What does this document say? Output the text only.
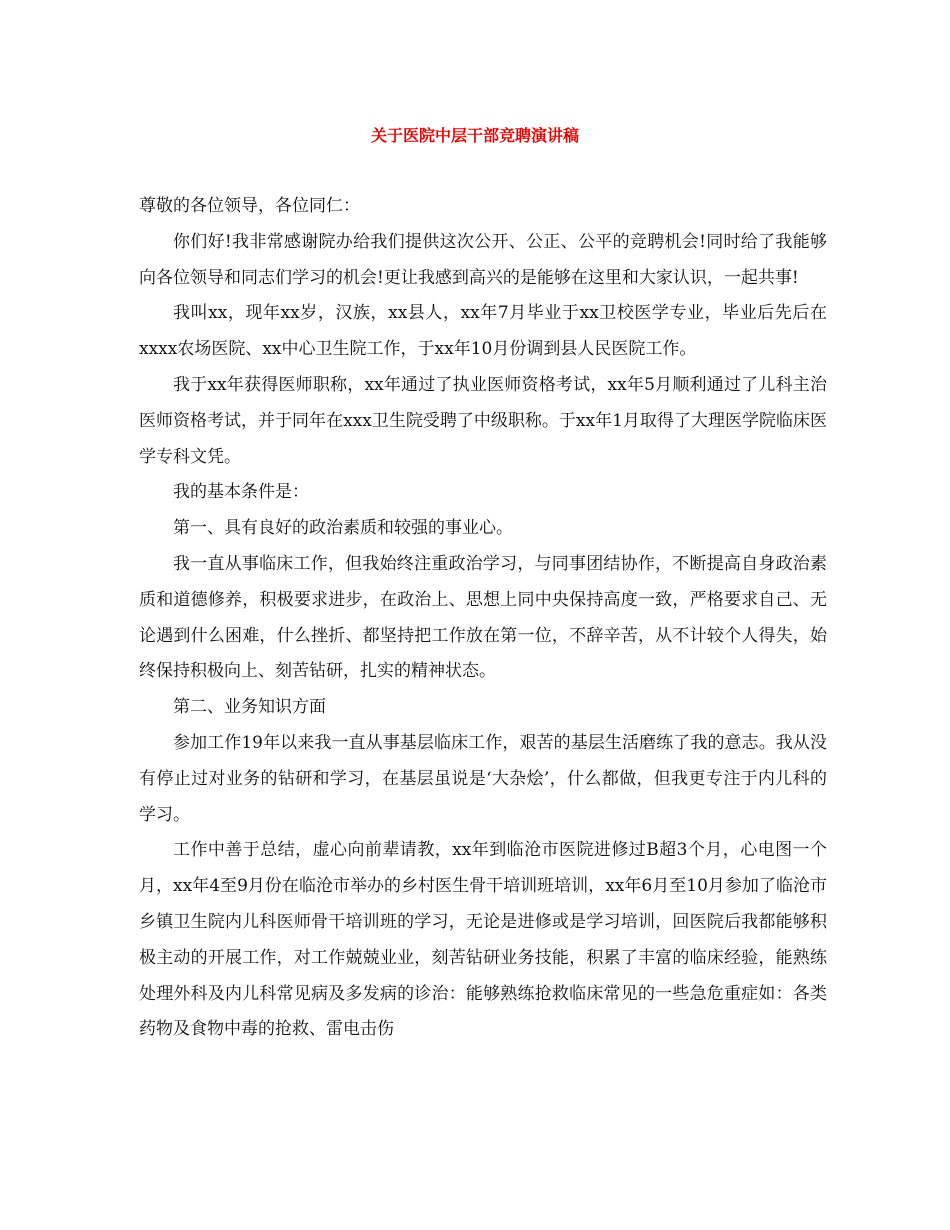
关于医院中层干部竞聘演讲稿

尊敬的各位领导，各位同仁：

你们好!我非常感谢院办给我们提供这次公开、公正、公平的竞聘机会!同时给了我能够向各位领导和同志们学习的机会!更让我感到高兴的是能够在这里和大家认识，一起共事!

我叫xx，现年xx岁，汉族，xx县人，xx年7月毕业于xx卫校医学专业，毕业后先后在xxxx农场医院、xx中心卫生院工作，于xx年10月份调到县人民医院工作。

我于xx年获得医师职称，xx年通过了执业医师资格考试，xx年5月顺利通过了儿科主治医师资格考试，并于同年在xxx卫生院受聘了中级职称。于xx年1月取得了大理医学院临床医学专科文凭。

我的基本条件是：

第一、具有良好的政治素质和较强的事业心。

我一直从事临床工作，但我始终注重政治学习，与同事团结协作，不断提高自身政治素质和道德修养，积极要求进步，在政治上、思想上同中央保持高度一致，严格要求自己、无论遇到什么困难，什么挫折、都坚持把工作放在第一位，不辞辛苦，从不计较个人得失，始终保持积极向上、刻苦钻研，扎实的精神状态。

第二、业务知识方面

参加工作19年以来我一直从事基层临床工作，艰苦的基层生活磨练了我的意志。我从没有停止过对业务的钻研和学习，在基层虽说是‘大杂烩’，什么都做，但我更专注于内儿科的学习。

工作中善于总结，虚心向前辈请教，xx年到临沧市医院进修过B超3个月，心电图一个月，xx年4至9月份在临沧市举办的乡村医生骨干培训班培训，xx年6月至10月参加了临沧市乡镇卫生院内儿科医师骨干培训班的学习，无论是进修或是学习培训，回医院后我都能够积极主动的开展工作，对工作兢兢业业，刻苦钻研业务技能，积累了丰富的临床经验，能熟练处理外科及内儿科常见病及多发病的诊治：能够熟练抢救临床常见的一些急危重症如：各类药物及食物中毒的抢救、雷电击伤
